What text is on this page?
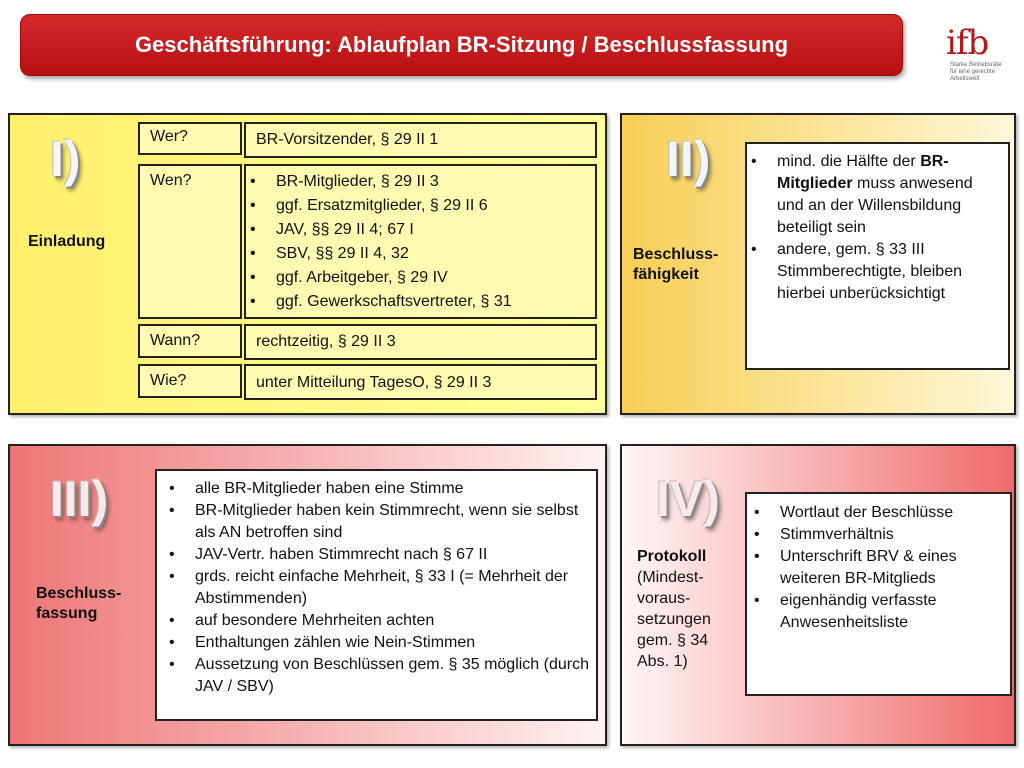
Geschäftsführung: Ablaufplan BR-Sitzung / Beschlussfassung	ifb
Starke Betriebsräte
für eine gerechte
Arbeitswelt
I)
Einladung
Wer?	BR-Vorsitzender, § 29 II 1
Wen?
•	BR-Mitglieder, § 29 II 3
• ggf. Ersatzmitglieder, § 29 II 6
• JAV, §§ 29 II 4; 67 I
• SBV, §§ 29 II 4, 32
• ggf. Arbeitgeber, § 29 IV
• ggf. Gewerkschaftsvertreter, § 31
Wann?	rechtzeitig, § 29 II 3
Wie?	unter Mitteilung TagesO, § 29 II 3
II)
Beschluss-
fähigkeit
• mind. die Hälfte der BR-Mitglieder muss anwesend und an der Willensbildung beteiligt sein
• andere, gem. § 33 III Stimmberechtigte, bleiben hierbei unberücksichtigt
III)
Beschluss-
fassung
• alle BR-Mitglieder haben eine Stimme
• BR-Mitglieder haben kein Stimmrecht, wenn sie selbst als AN betroffen sind
• JAV-Vertr. haben Stimmrecht nach § 67 II
• grds. reicht einfache Mehrheit, § 33 I (= Mehrheit der Abstimmenden)
• auf besondere Mehrheiten achten
• Enthaltungen zählen wie Nein-Stimmen
• Aussetzung von Beschlüssen gem. § 35 möglich (durch JAV / SBV)
IV)
Protokoll
(Mindest-
voraus-
setzungen
gem. § 34
Abs. 1)
• Wortlaut der Beschlüsse
• Stimmverhältnis
• Unterschrift BRV & eines weiteren BR-Mitglieds
• eigenhändig verfasste Anwesenheitsliste
